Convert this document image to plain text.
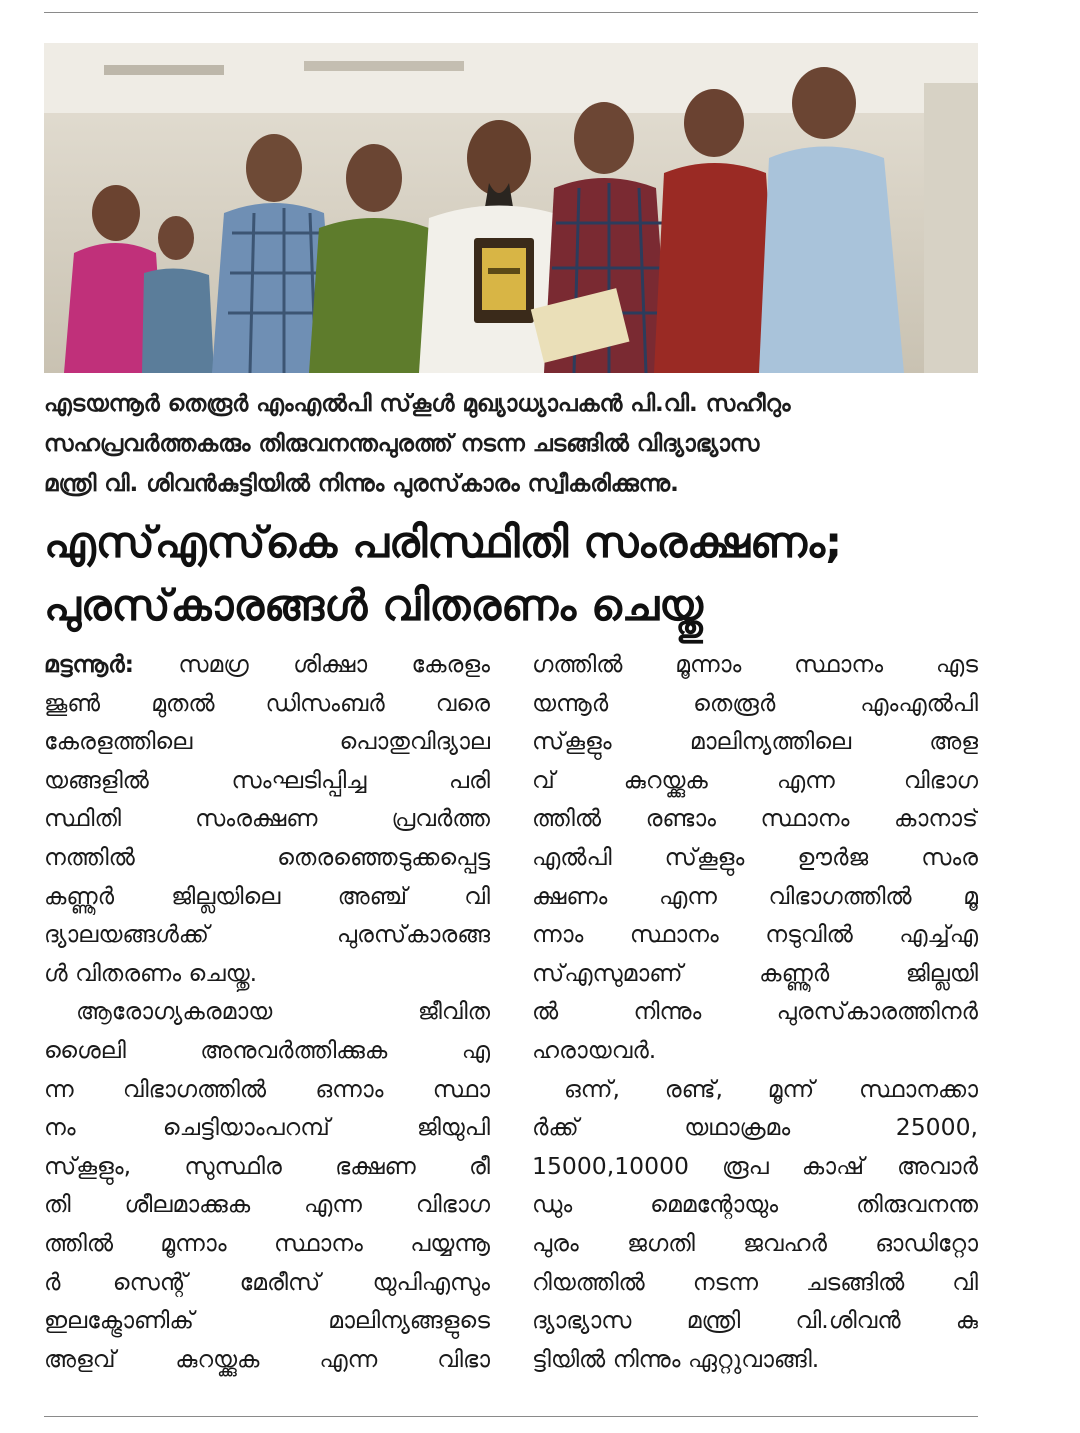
എടയന്നൂർ തെരൂർ എംഎൽപി സ്‌കൂൾ മുഖ്യാധ്യാപകൻ പി.വി. സഹീറും
സഹപ്രവർത്തകരും തിരുവനന്തപുരത്ത് നടന്ന ചടങ്ങിൽ വിദ്യാഭ്യാസ
മന്ത്രി വി. ശിവൻകുട്ടിയിൽ നിന്നും പുരസ്‌കാരം സ്വീകരിക്കുന്നു.
എസ്എസ്‌കെ പരിസ്ഥിതി സംരക്ഷണം;
പുരസ്‌കാരങ്ങൾ വിതരണം ചെയ്തു
മട്ടന്നൂർ: സമഗ്ര ശിക്ഷാ കേരളം
ജൂൺ മുതൽ ഡിസംബർ വരെ
കേരളത്തിലെ പൊതുവിദ്യാല
യങ്ങളിൽ സംഘടിപ്പിച്ച പരി
സ്ഥിതി സംരക്ഷണ പ്രവർത്ത
നത്തിൽ തെരഞ്ഞെടുക്കപ്പെട്ട
കണ്ണൂർ ജില്ലയിലെ അഞ്ച് വി
ദ്യാലയങ്ങൾക്ക് പുരസ്‌കാരങ്ങ
ൾ വിതരണം ചെയ്തു.
ആരോഗ്യകരമായ ജീവിത
ശൈലി അനുവർത്തിക്കുക എ
ന്ന വിഭാഗത്തിൽ ഒന്നാം സ്ഥാ
നം ചെട്ടിയാംപറമ്പ് ജിയുപി
സ്‌കൂളും, സുസ്ഥിര ഭക്ഷണ രീ
തി ശീലമാക്കുക എന്ന വിഭാഗ
ത്തിൽ മൂന്നാം സ്ഥാനം പയ്യന്നൂ
ർ സെന്റ് മേരീസ് യുപിഎസും
ഇലക്ട്രോണിക് മാലിന്യങ്ങളുടെ
അളവ് കുറയ്ക്കുക എന്ന വിഭാ
ഗത്തിൽ മൂന്നാം സ്ഥാനം എട
യന്നൂർ തെരൂർ എംഎൽപി
സ്‌കൂളും മാലിന്യത്തിലെ അള
വ് കുറയ്ക്കുക എന്ന വിഭാഗ
ത്തിൽ രണ്ടാം സ്ഥാനം കാനാട്
എൽപി സ്‌കൂളും ഊർജ സംര
ക്ഷണം എന്ന വിഭാഗത്തിൽ മൂ
ന്നാം സ്ഥാനം നടുവിൽ എച്ച്എ
സ്എസുമാണ് കണ്ണൂർ ജില്ലയി
ൽ നിന്നും പുരസ്‌കാരത്തിനർ
ഹരായവർ.
ഒന്ന്, രണ്ട്, മൂന്ന് സ്ഥാനക്കാ
ർക്ക് യഥാക്രമം 25000,
15000,10000 രൂപ കാഷ് അവാർ
ഡും മെമന്റോയും തിരുവനന്ത
പുരം ജഗതി ജവഹർ ഓഡിറ്റോ
റിയത്തിൽ നടന്ന ചടങ്ങിൽ വി
ദ്യാഭ്യാസ മന്ത്രി വി.ശിവൻ കു
ട്ടിയിൽ നിന്നും ഏറ്റുവാങ്ങി.
